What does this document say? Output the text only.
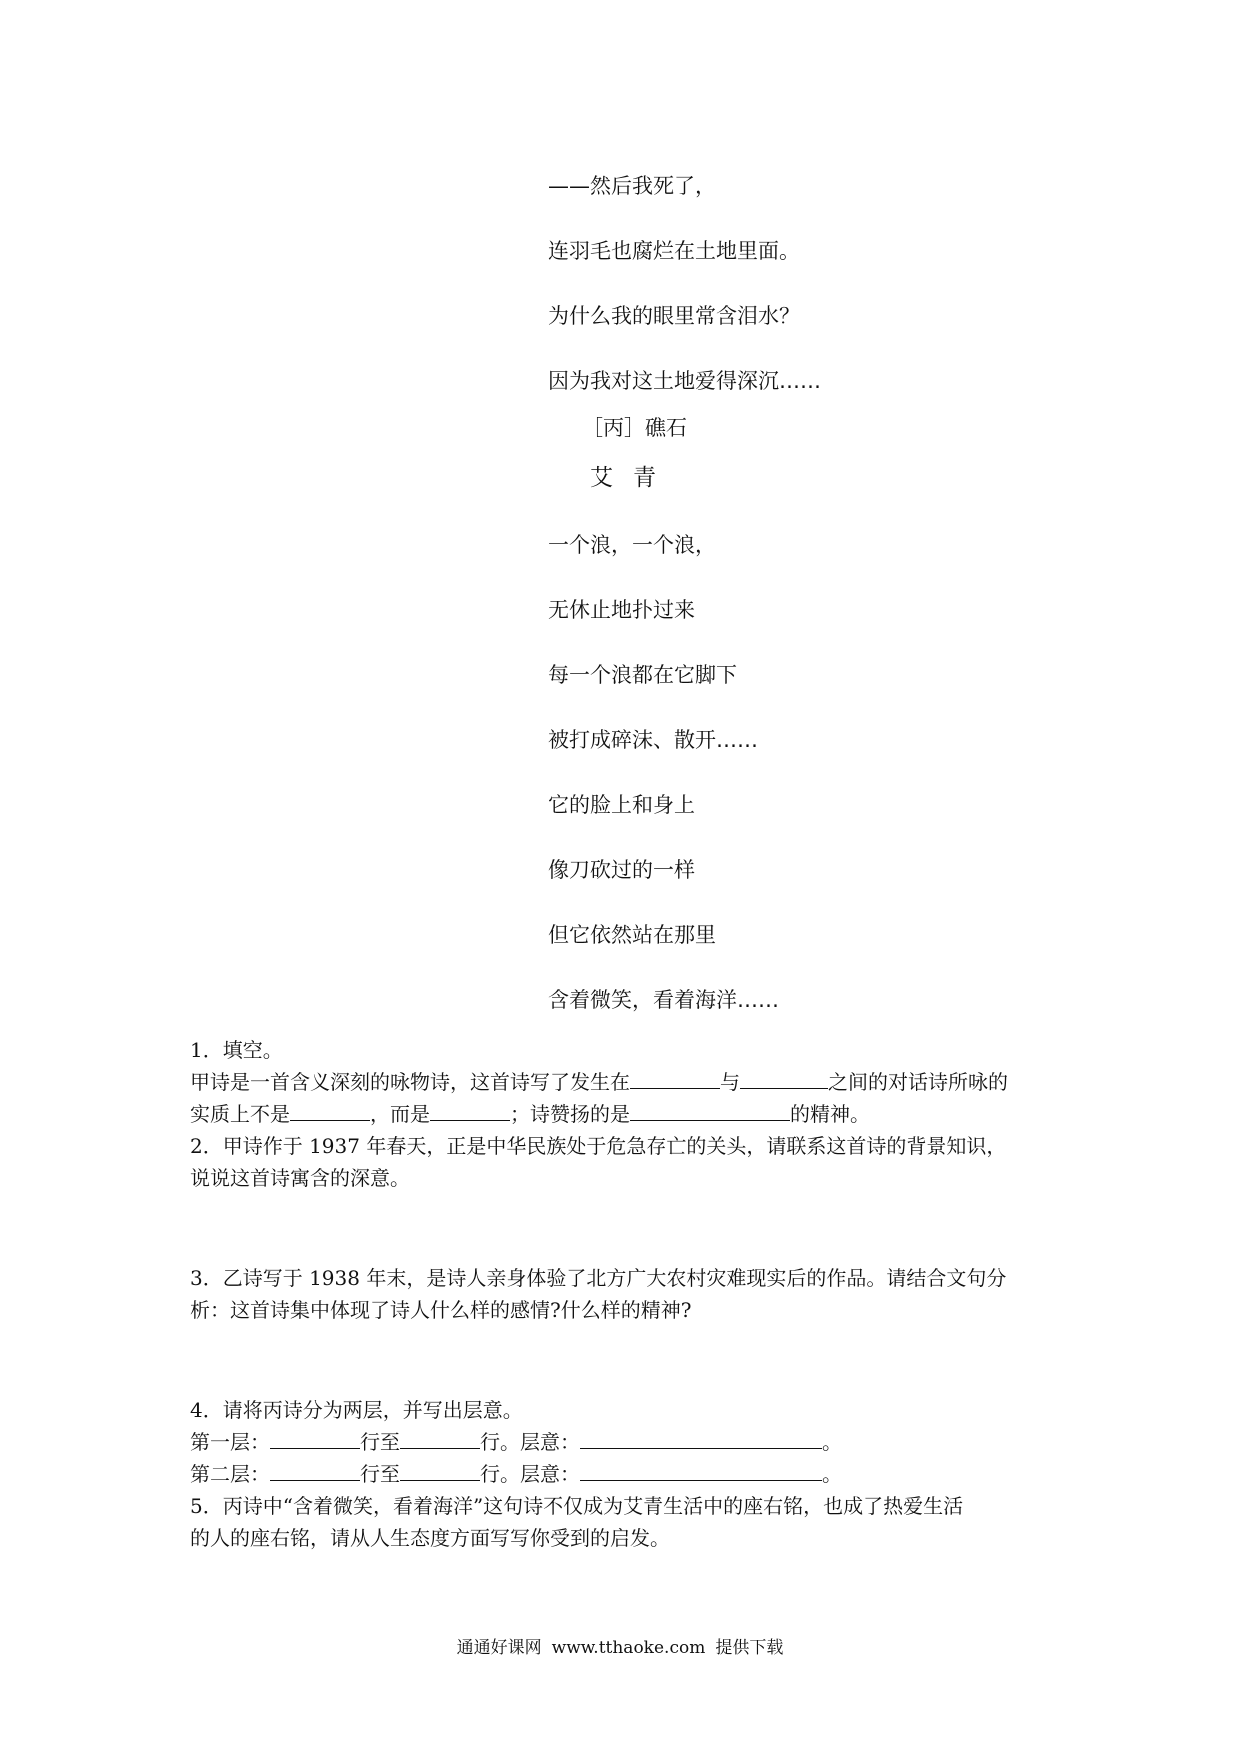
——然后我死了，
连羽毛也腐烂在土地里面。
为什么我的眼里常含泪水？
因为我对这土地爱得深沉……
［丙］礁石
艾青
一个浪，一个浪，
无休止地扑过来
每一个浪都在它脚下
被打成碎沫、散开……
它的脸上和身上
像刀砍过的一样
但它依然站在那里
含着微笑，看着海洋……
1．填空。
甲诗是一首含义深刻的咏物诗，这首诗写了发生在	与	之间的对话诗所咏的
实质上不是	，而是	；诗赞扬的是	的精神。
2．甲诗作于 1937 年春天，正是中华民族处于危急存亡的关头，请联系这首诗的背景知识，
说说这首诗寓含的深意。
3．乙诗写于 1938 年末，是诗人亲身体验了北方广大农村灾难现实后的作品。请结合文句分
析：这首诗集中体现了诗人什么样的感情?什么样的精神?
4．请将丙诗分为两层，并写出层意。
第一层：	行至	行。层意：	。
第二层：	行至	行。层意：	。
5．丙诗中“含着微笑，看着海洋”这句诗不仅成为艾青生活中的座右铭，也成了热爱生活
的人的座右铭，请从人生态度方面写写你受到的启发。
通通好课网 www.tthaoke.com 提供下载
